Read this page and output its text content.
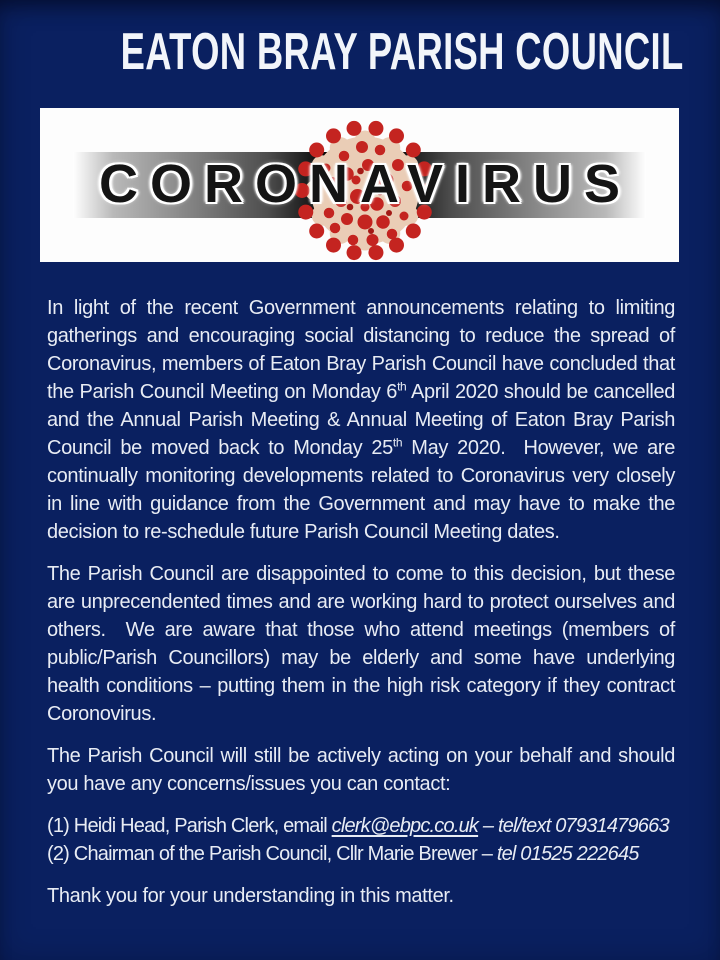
EATON BRAY PARISH COUNCIL
CORONAVIRUS

In light of the recent Government announcements relating to limiting gatherings and encouraging social distancing to reduce the spread of Coronavirus, members of Eaton Bray Parish Council have concluded that the Parish Council Meeting on Monday 6th April 2020 should be cancelled and the Annual Parish Meeting & Annual Meeting of Eaton Bray Parish Council be moved back to Monday 25th May 2020.  However, we are continually monitoring developments related to Coronavirus very closely in line with guidance from the Government and may have to make the decision to re-schedule future Parish Council Meeting dates.

The Parish Council are disappointed to come to this decision, but these are unprecendented times and are working hard to protect ourselves and others.  We are aware that those who attend meetings (members of public/Parish Councillors) may be elderly and some have underlying health conditions – putting them in the high risk category if they contract Coronovirus.

The Parish Council will still be actively acting on your behalf and should you have any concerns/issues you can contact:

(1) Heidi Head, Parish Clerk, email clerk@ebpc.co.uk – tel/text 07931479663
(2) Chairman of the Parish Council, Cllr Marie Brewer – tel 01525 222645

Thank you for your understanding in this matter.
